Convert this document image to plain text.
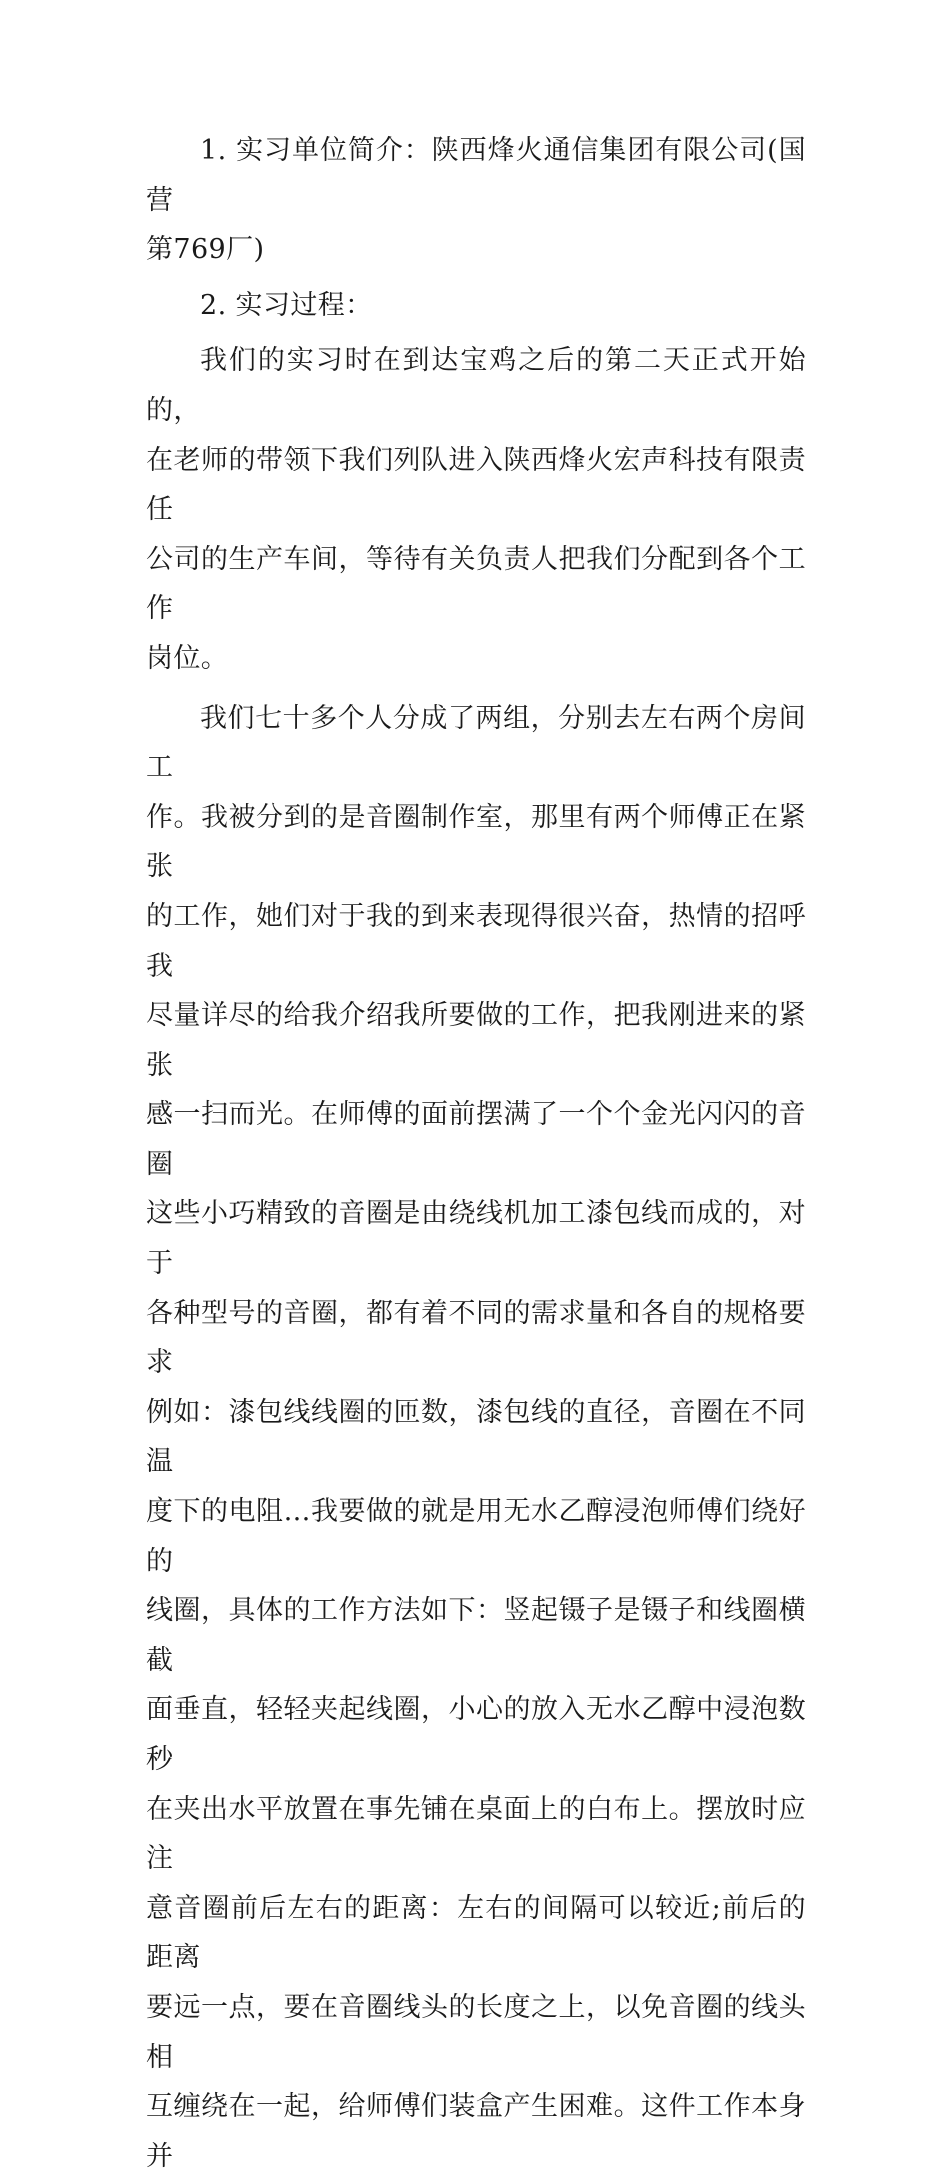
1. 实习单位简介：陕西烽火通信集团有限公司(国营
第769厂)

2. 实习过程：

我们的实习时在到达宝鸡之后的第二天正式开始的，
在老师的带领下我们列队进入陕西烽火宏声科技有限责任
公司的生产车间，等待有关负责人把我们分配到各个工作
岗位。

我们七十多个人分成了两组，分别去左右两个房间工
作。我被分到的是音圈制作室，那里有两个师傅正在紧张
的工作，她们对于我的到来表现得很兴奋，热情的招呼我
尽量详尽的给我介绍我所要做的工作，把我刚进来的紧张
感一扫而光。在师傅的面前摆满了一个个金光闪闪的音圈
这些小巧精致的音圈是由绕线机加工漆包线而成的，对于
各种型号的音圈，都有着不同的需求量和各自的规格要求
例如：漆包线线圈的匝数，漆包线的直径，音圈在不同温
度下的电阻…我要做的就是用无水乙醇浸泡师傅们绕好的
线圈，具体的工作方法如下：竖起镊子是镊子和线圈横截
面垂直，轻轻夹起线圈，小心的放入无水乙醇中浸泡数秒
在夹出水平放置在事先铺在桌面上的白布上。摆放时应注
意音圈前后左右的距离：左右的间隔可以较近;前后的距离
要远一点，要在音圈线头的长度之上，以免音圈的线头相
互缠绕在一起，给师傅们装盒产生困难。这件工作本身并
